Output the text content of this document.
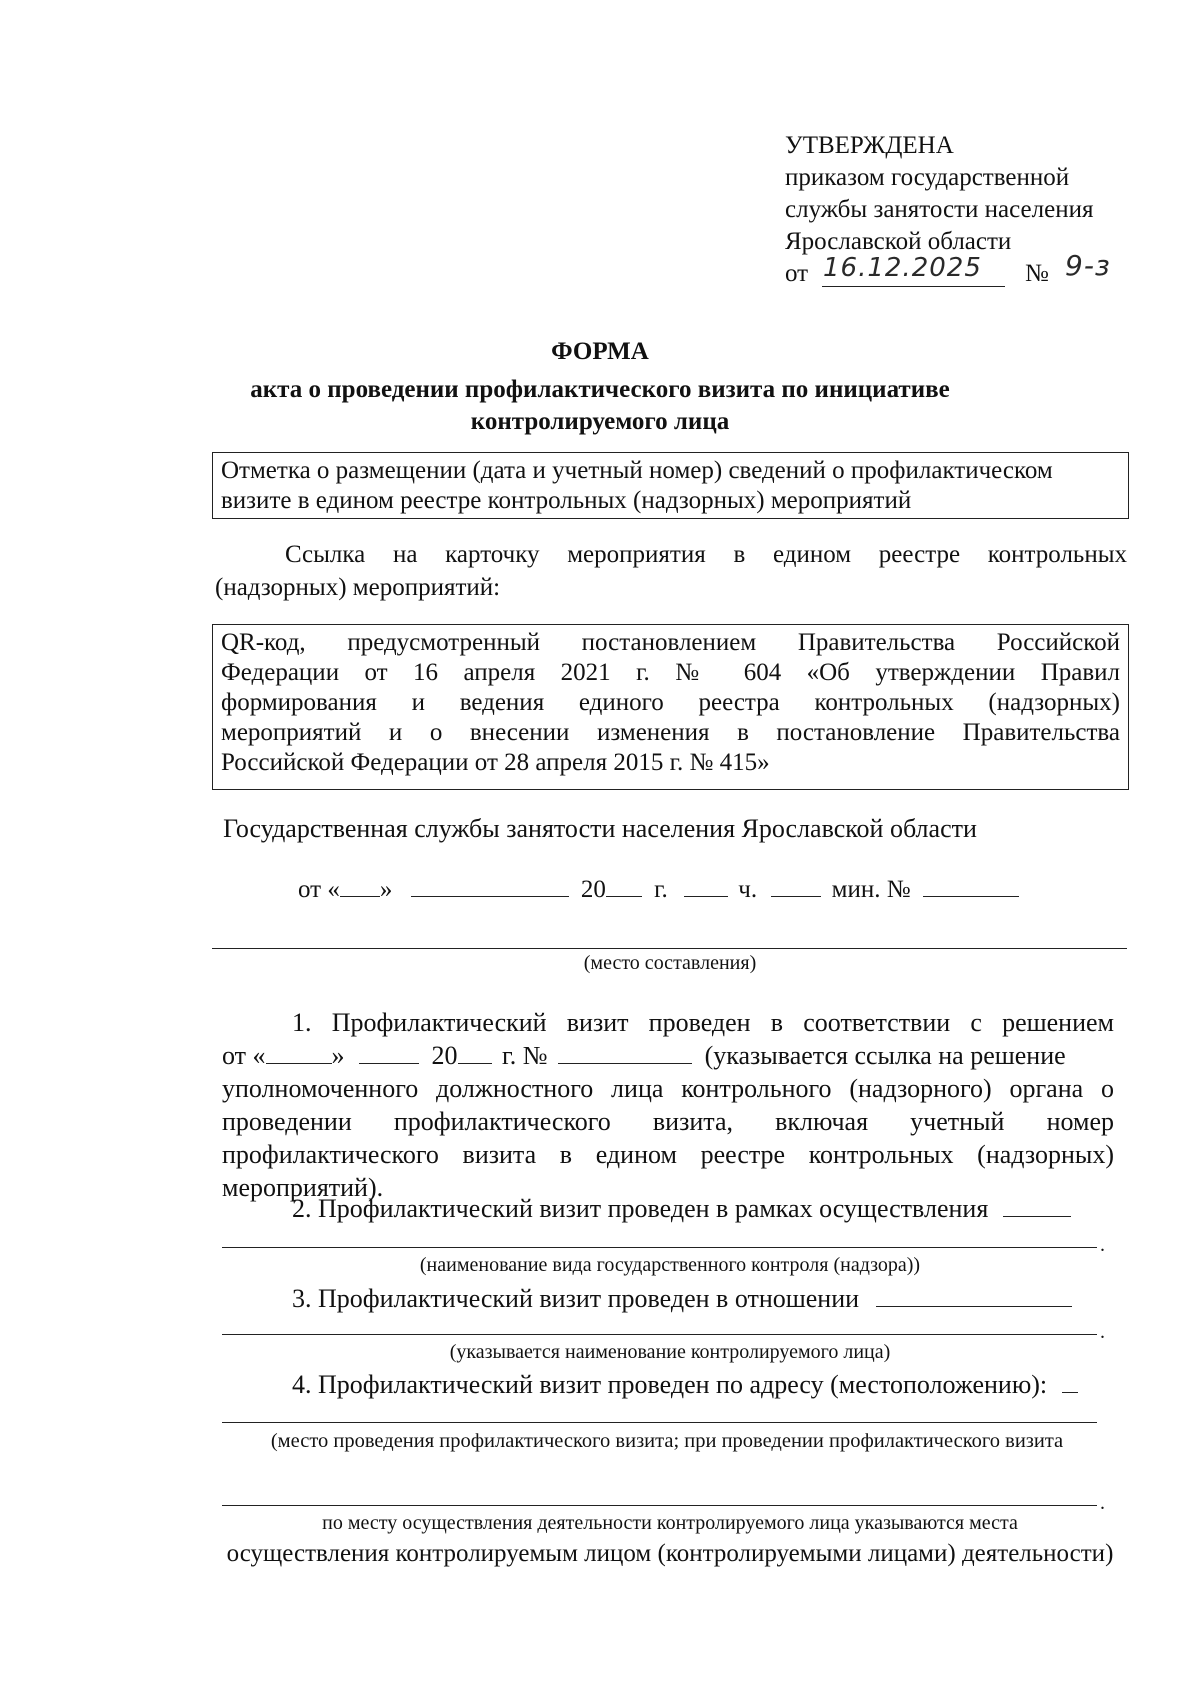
УТВЕРЖДЕНА
приказом государственной
службы занятости населения
Ярославской области
от 16.12.2025 № 9-з
ФОРМА
акта о проведении профилактического визита по инициативе
контролируемого лица
Отметка о размещении (дата и учетный номер) сведений о профилактическом
визите в едином реестре контрольных (надзорных) мероприятий
Ссылка на карточку мероприятия в едином реестре контрольных
(надзорных) мероприятий:
QR-код, предусмотренный постановлением Правительства Российской
Федерации от 16 апреля 2021 г. № 604 «Об утверждении Правил
формирования и ведения единого реестра контрольных (надзорных)
мероприятий и о внесении изменения в постановление Правительства
Российской Федерации от 28 апреля 2015 г. № 415»
Государственная службы занятости населения Ярославской области
от « »	20 г.	ч.	мин. №
(место составления)
1. Профилактический визит проведен в соответствии с решением
от «	»	20 г. №	(указывается ссылка на решение
уполномоченного должностного лица контрольного (надзорного) органа о
проведении профилактического визита, включая учетный номер
профилактического визита в едином реестре контрольных (надзорных)
мероприятий).
2. Профилактический визит проведен в рамках осуществления
.
(наименование вида государственного контроля (надзора))
3. Профилактический визит проведен в отношении
.
(указывается наименование контролируемого лица)
4. Профилактический визит проведен по адресу (местоположению):
(место проведения профилактического визита; при проведении профилактического визита
.
по месту осуществления деятельности контролируемого лица указываются места
осуществления контролируемым лицом (контролируемыми лицами) деятельности)
